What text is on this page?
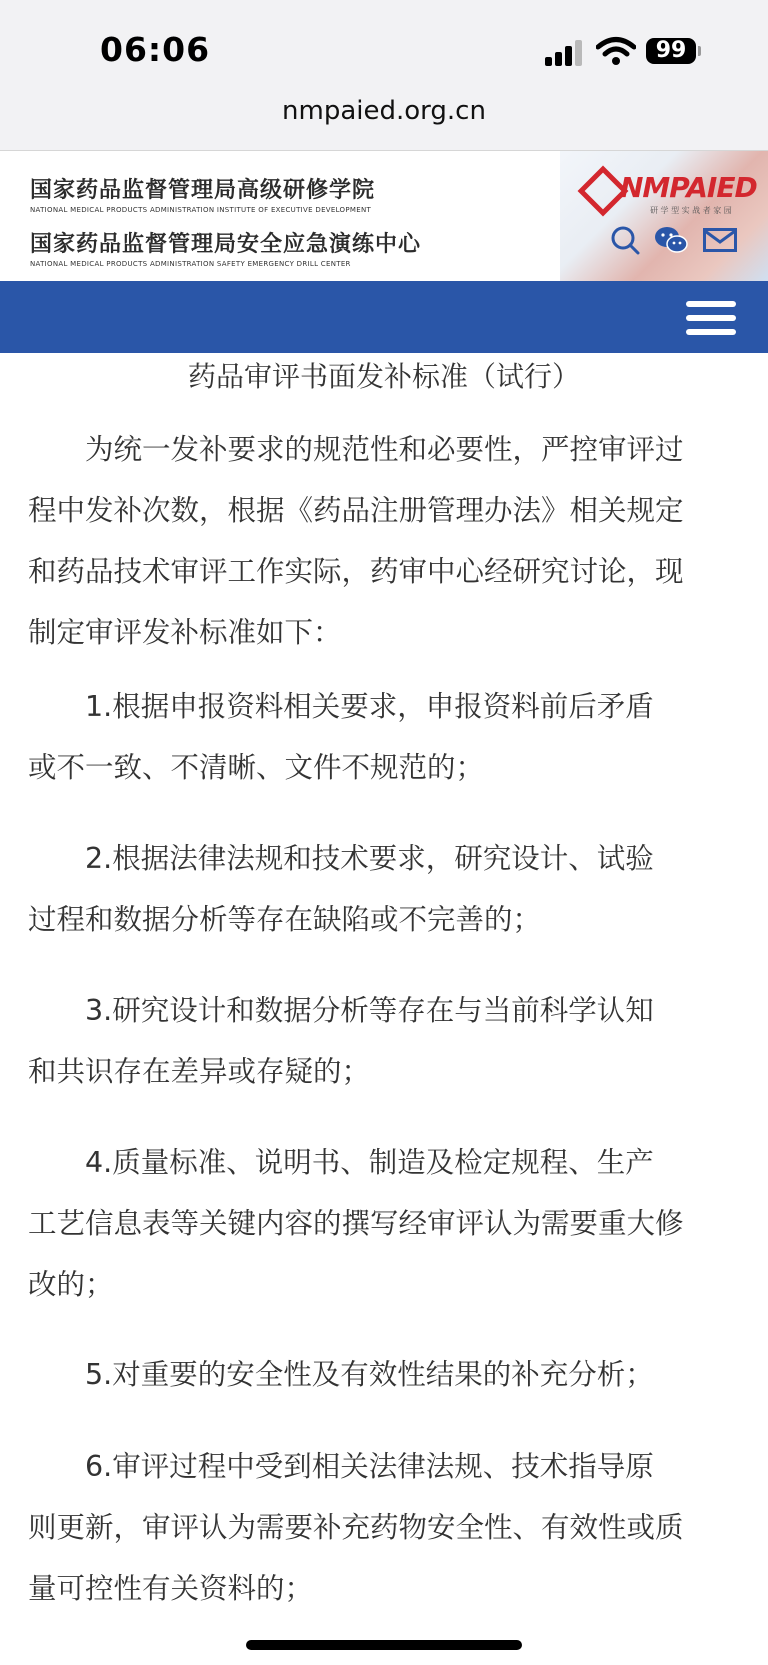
06:06	99
nmpaied.org.cn
国家药品监督管理局高级研修学院
NATIONAL MEDICAL PRODUCTS ADMINISTRATION INSTITUTE OF EXECUTIVE DEVELOPMENT
国家药品监督管理局安全应急演练中心
NATIONAL MEDICAL PRODUCTS ADMINISTRATION SAFETY EMERGENCY DRILL CENTER
NMPAIED
研 学 型 实 战 者 家 园
药品审评书面发补标准（试行）
　　为统一发补要求的规范性和必要性，严控审评过
程中发补次数，根据《药品注册管理办法》相关规定
和药品技术审评工作实际，药审中心经研究讨论，现
制定审评发补标准如下：
　　1.根据申报资料相关要求，申报资料前后矛盾
或不一致、不清晰、文件不规范的；
　　2.根据法律法规和技术要求，研究设计、试验
过程和数据分析等存在缺陷或不完善的；
　　3.研究设计和数据分析等存在与当前科学认知
和共识存在差异或存疑的；
　　4.质量标准、说明书、制造及检定规程、生产
工艺信息表等关键内容的撰写经审评认为需要重大修
改的；
　　5.对重要的安全性及有效性结果的补充分析；
　　6.审评过程中受到相关法律法规、技术指导原
则更新，审评认为需要补充药物安全性、有效性或质
量可控性有关资料的；
